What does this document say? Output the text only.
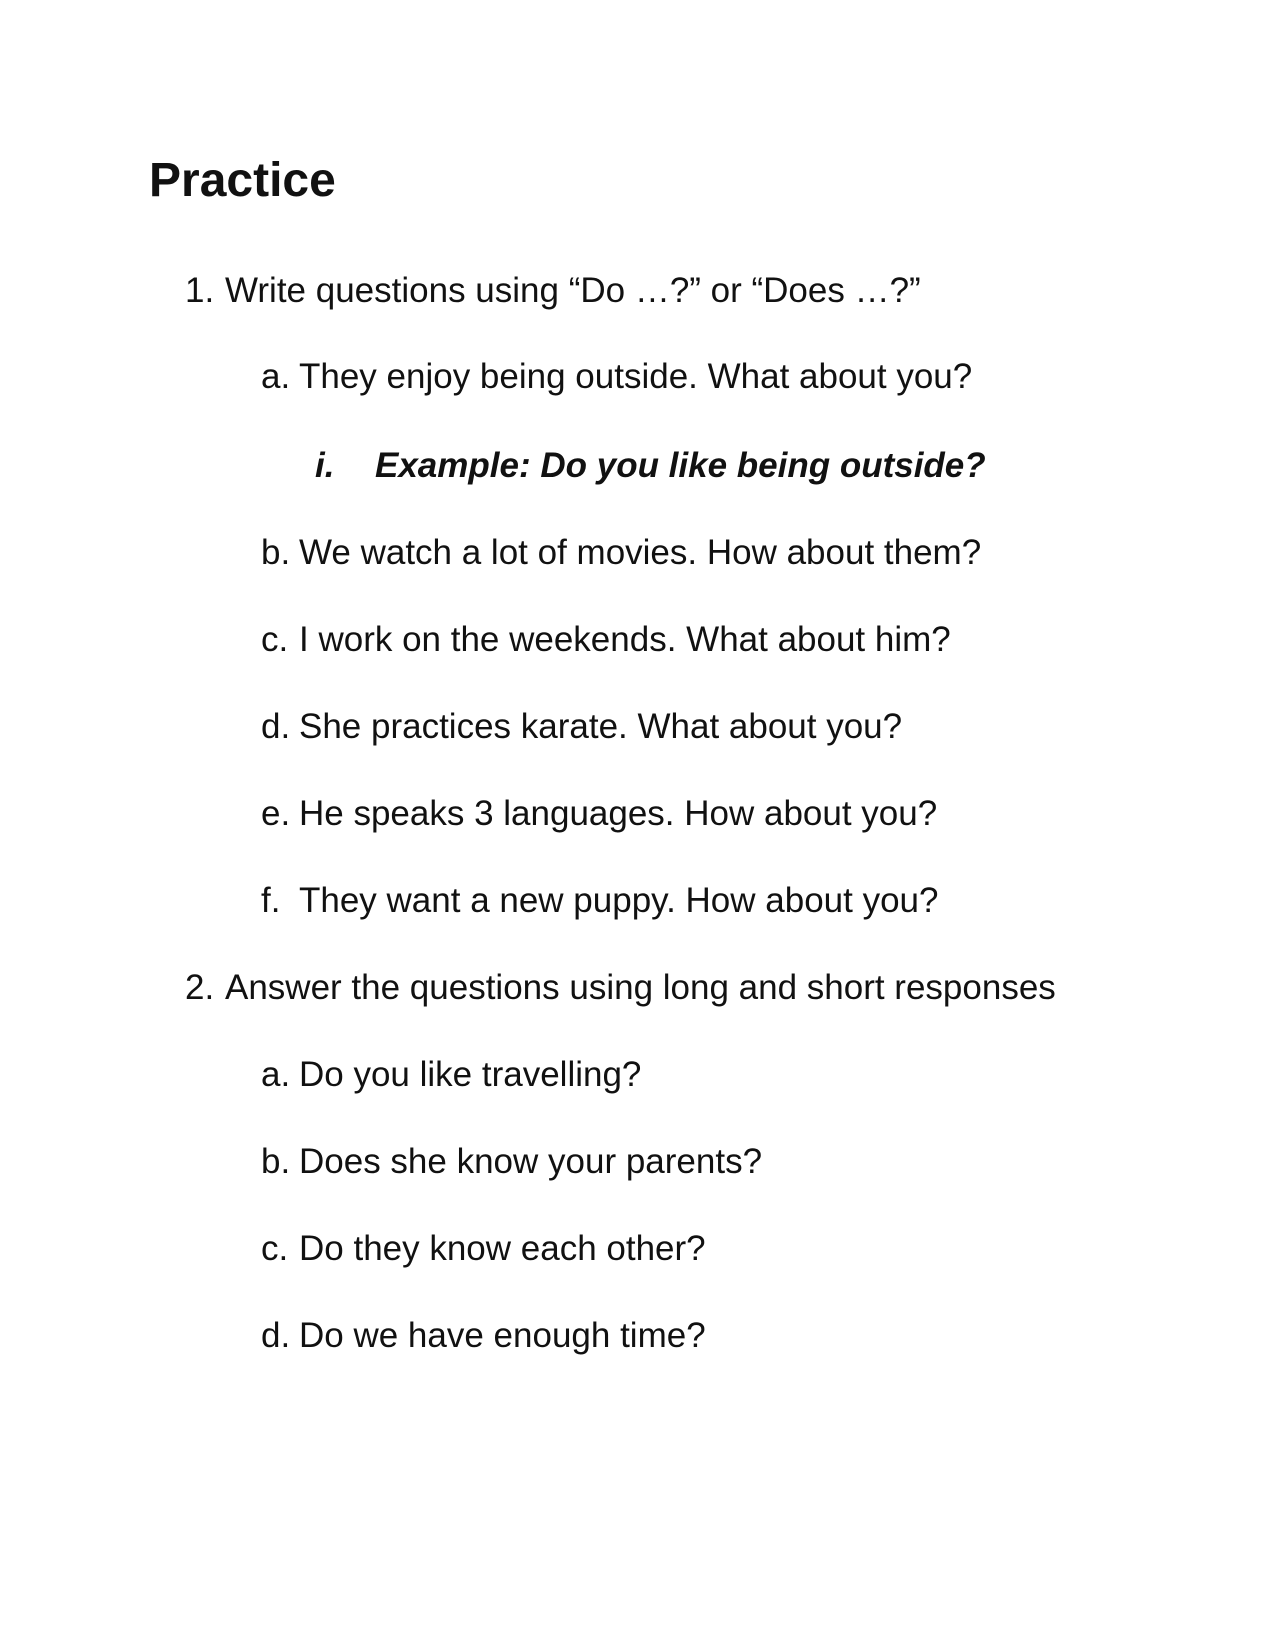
Practice
1. Write questions using “Do …?” or “Does …?”
a. They enjoy being outside. What about you?
i. Example: Do you like being outside?
b. We watch a lot of movies. How about them?
c. I work on the weekends. What about him?
d. She practices karate. What about you?
e. He speaks 3 languages. How about you?
f. They want a new puppy. How about you?
2. Answer the questions using long and short responses
a. Do you like travelling?
b. Does she know your parents?
c. Do they know each other?
d. Do we have enough time?
